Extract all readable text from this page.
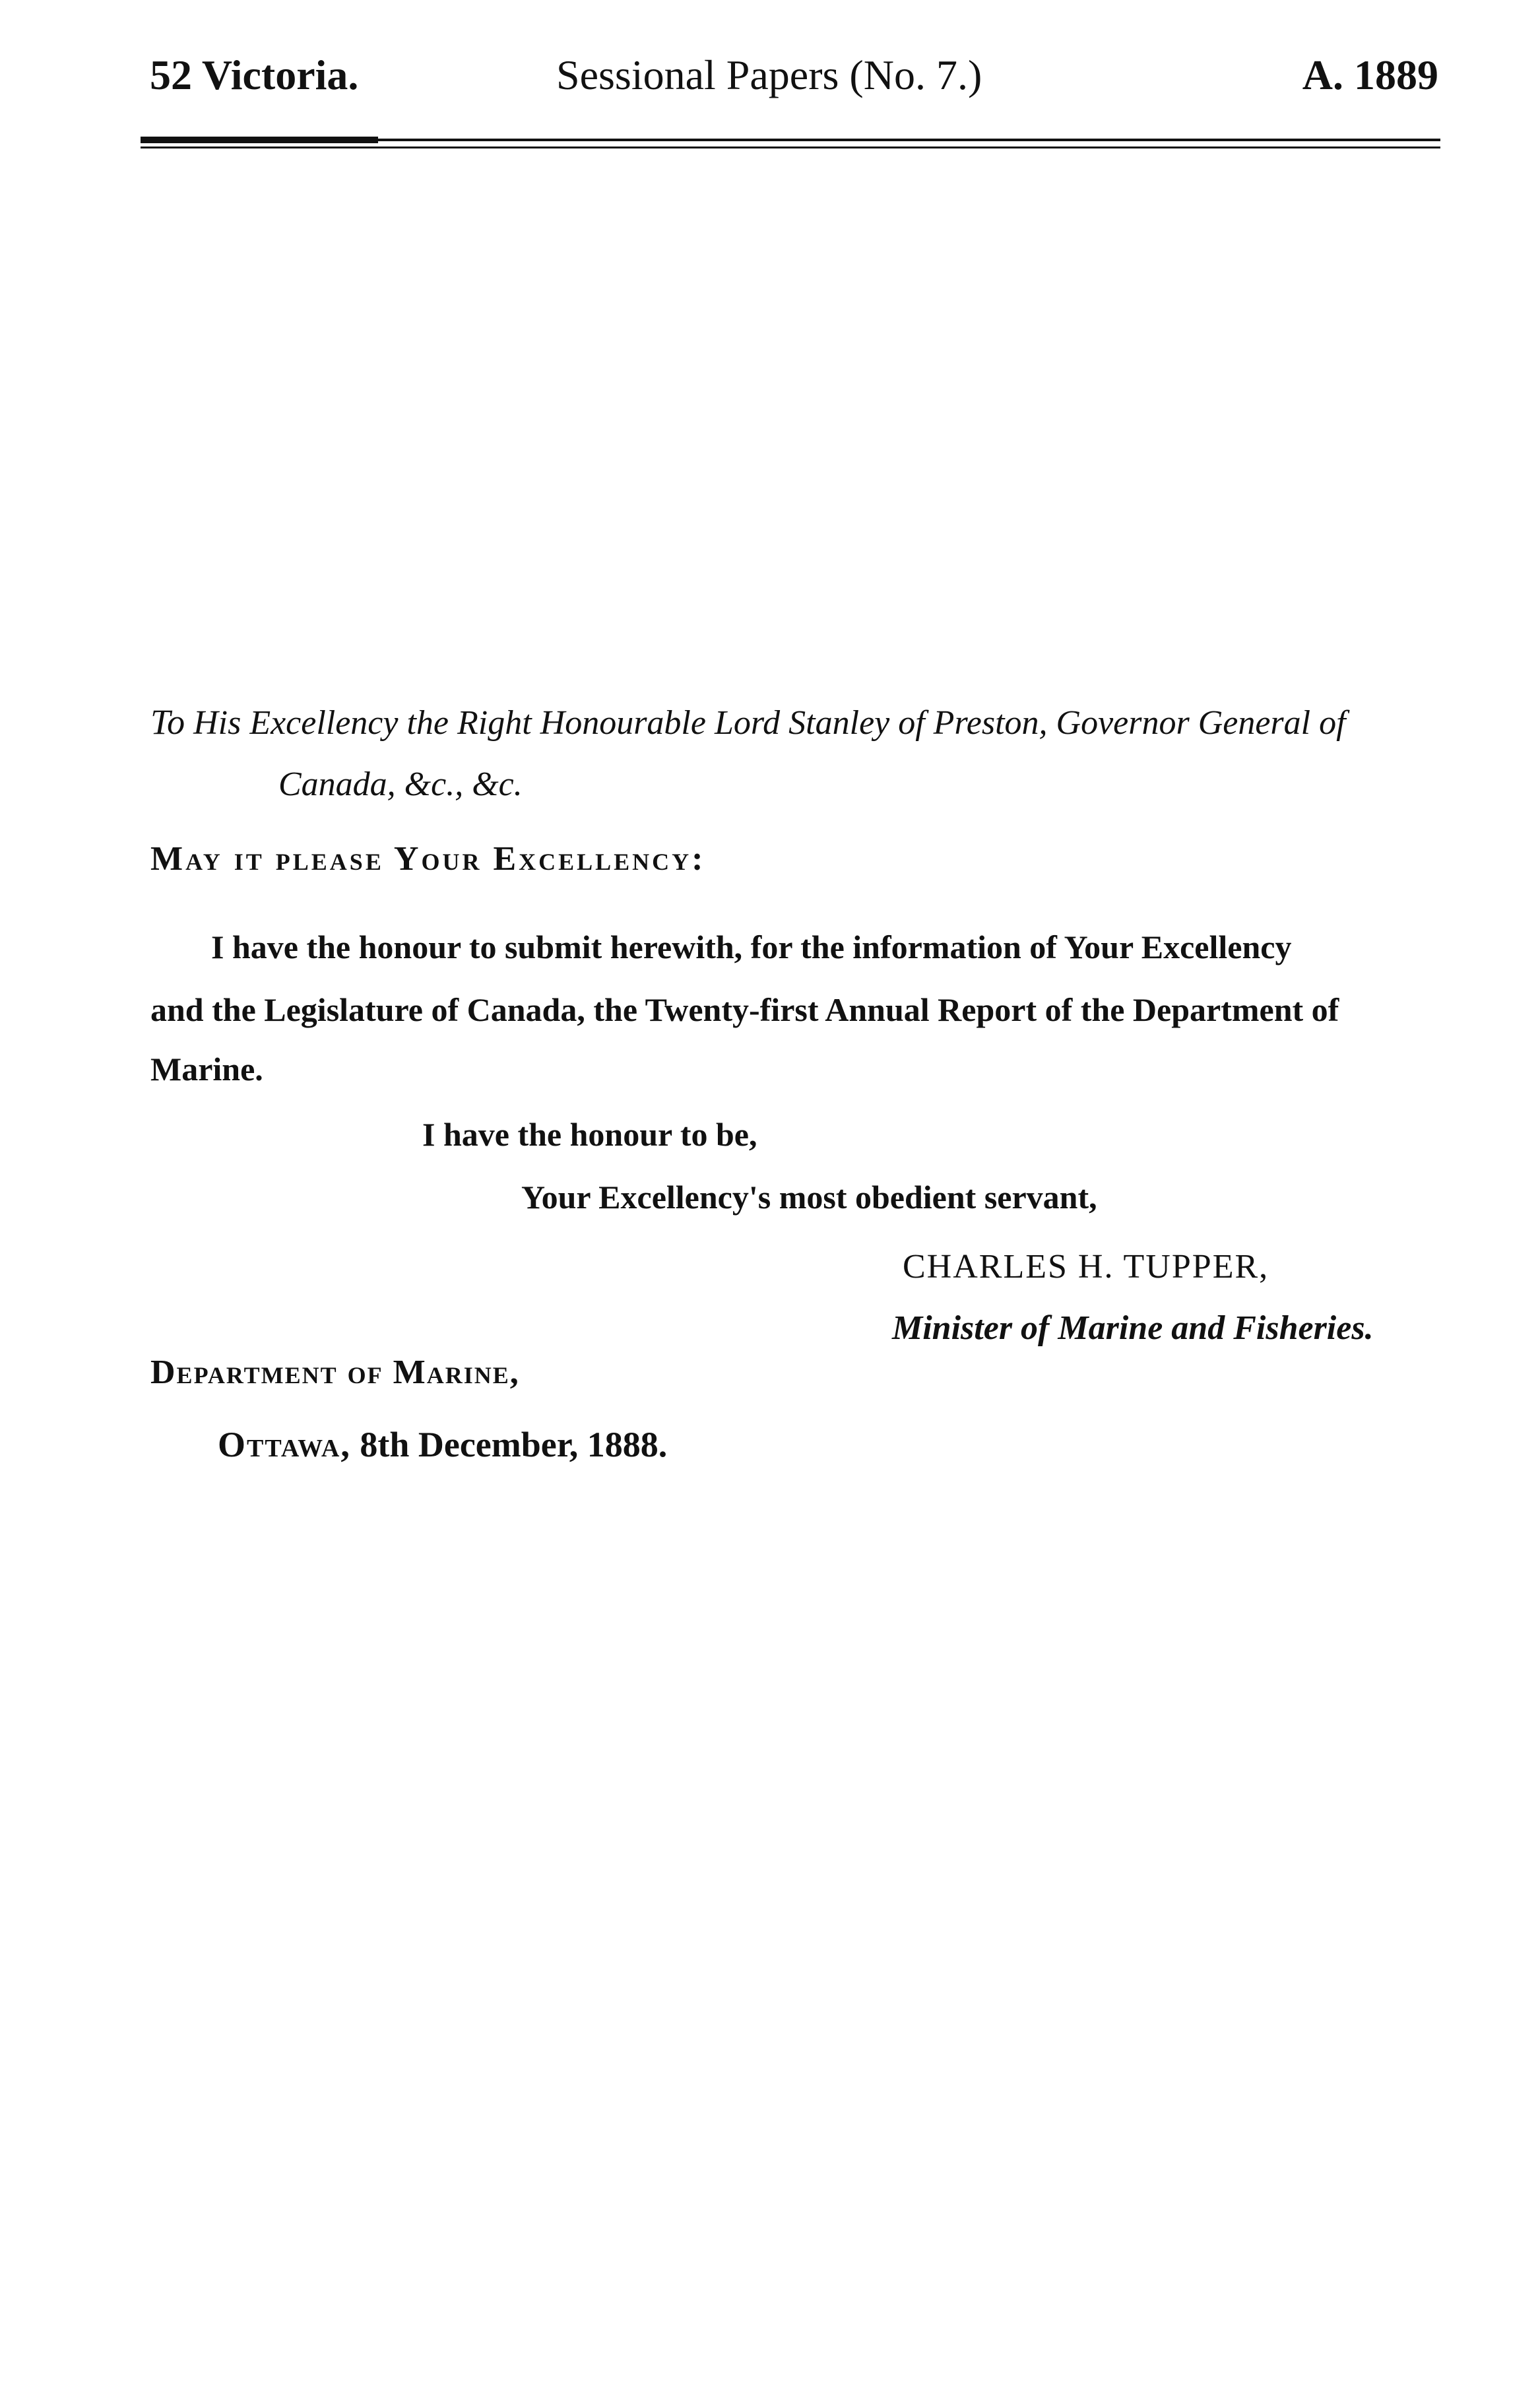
52 Victoria.	Sessional Papers (No. 7.)	A. 1889
To His Excellency the Right Honourable Lord Stanley of Preston, Governor General of
Canada, &c., &c.
May it please Your Excellency:
I have the honour to submit herewith, for the information of Your Excellency
and the Legislature of Canada, the Twenty-first Annual Report of the Department of
Marine.
I have the honour to be,
Your Excellency's most obedient servant,
CHARLES H. TUPPER,
Minister of Marine and Fisheries.
Department of Marine,
Ottawa, 8th December, 1888.
